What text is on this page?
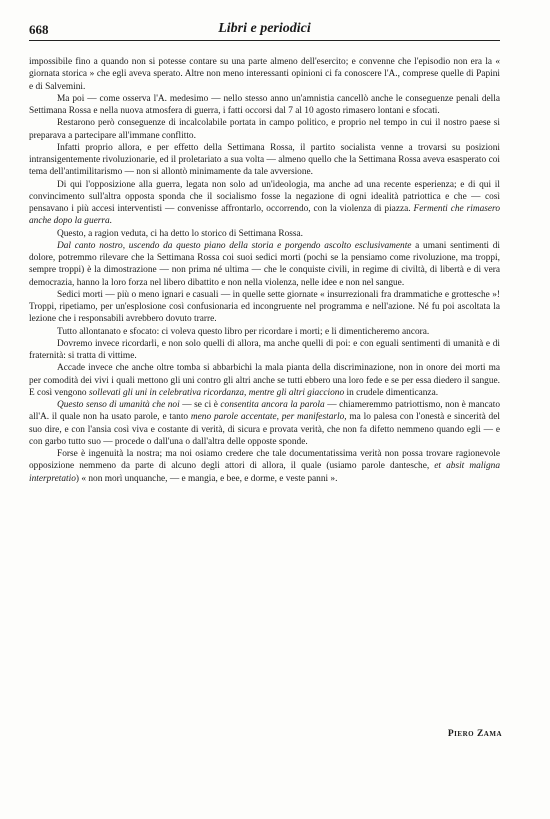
668	Libri e periodici

impossibile fino a quando non si potesse contare su una parte almeno dell'esercito; e convenne che l'episodio non era la « giornata storica » che egli aveva sperato. Altre non meno interessanti opinioni ci fa conoscere l'A., comprese quelle di Papini e di Salvemini.

Ma poi — come osserva l'A. medesimo — nello stesso anno un'amnistia cancellò anche le conseguenze penali della Settimana Rossa e nella nuova atmosfera di guerra, i fatti occorsi dal 7 al 10 agosto rimasero lontani e sfocati.

Restarono però conseguenze di incalcolabile portata in campo politico, e proprio nel tempo in cui il nostro paese si preparava a partecipare all'immane conflitto.

Infatti proprio allora, e per effetto della Settimana Rossa, il partito socialista venne a trovarsi su posizioni intransigentemente rivoluzionarie, ed il proletariato a sua volta — almeno quello che la Settimana Rossa aveva esasperato coi tema dell'antimilitarismo — non si allontò minimamente da tale avversione.

Di qui l'opposizione alla guerra, legata non solo ad un'ideologia, ma anche ad una recente esperienza; e di qui il convincimento sull'altra opposta sponda che il socialismo fosse la negazione di ogni idealità patriottica e che — così pensavano i più accesi interventisti — convenisse affrontarlo, occorrendo, con la violenza di piazza. Fermenti che rimasero anche dopo la guerra.

Questo, a ragion veduta, ci ha detto lo storico di Settimana Rossa.

Dal canto nostro, uscendo da questo piano della storia e porgendo ascolto esclusivamente a umani sentimenti di dolore, potremmo rilevare che la Settimana Rossa coi suoi sedici morti (pochi se la pensiamo come rivoluzione, ma troppi, sempre troppi) è la dimostrazione — non prima né ultima — che le conquiste civili, in regime di civiltà, di libertà e di vera democrazia, hanno la loro forza nel libero dibattito e non nella violenza, nelle idee e non nel sangue.

Sedici morti — più o meno ignari e casuali — in quelle sette giornate « insurrezionali fra drammatiche e grottesche »! Troppi, ripetiamo, per un'esplosione così confusionaria ed incongruente nel programma e nell'azione. Né fu poi ascoltata la lezione che i responsabili avrebbero dovuto trarre.

Tutto allontanato e sfocato: ci voleva questo libro per ricordare i morti; e li dimenticheremo ancora.

Dovremo invece ricordarli, e non solo quelli di allora, ma anche quelli di poi: e con eguali sentimenti di umanità e di fraternità: si tratta di vittime.

Accade invece che anche oltre tomba si abbarbichi la mala pianta della discriminazione, non in onore dei morti ma per comodità dei vivi i quali mettono gli uni contro gli altri anche se tutti ebbero una loro fede e se per essa diedero il sangue. E così vengono sollevati gli uni in celebrativa ricordanza, mentre gli altri giacciono in crudele dimenticanza.

Questo senso di umanità che noi — se ci è consentita ancora la parola — chiameremmo patriottismo, non è mancato all'A. il quale non ha usato parole, e tanto meno parole accentate, per manifestarlo, ma lo palesa con l'onestà e sincerità del suo dire, e con l'ansia così viva e costante di verità, di sicura e provata verità, che non fa difetto nemmeno quando egli — e con garbo tutto suo — procede o dall'una o dall'altra delle opposte sponde.

Forse è ingenuità la nostra; ma noi osiamo credere che tale documentatissima verità non possa trovare ragionevole opposizione nemmeno da parte di alcuno degli attori di allora, il quale (usiamo parole dantesche, et absit maligna interpretatio) « non morì unquanche, — e mangia, e bee, e dorme, e veste panni ».

Piero Zama
